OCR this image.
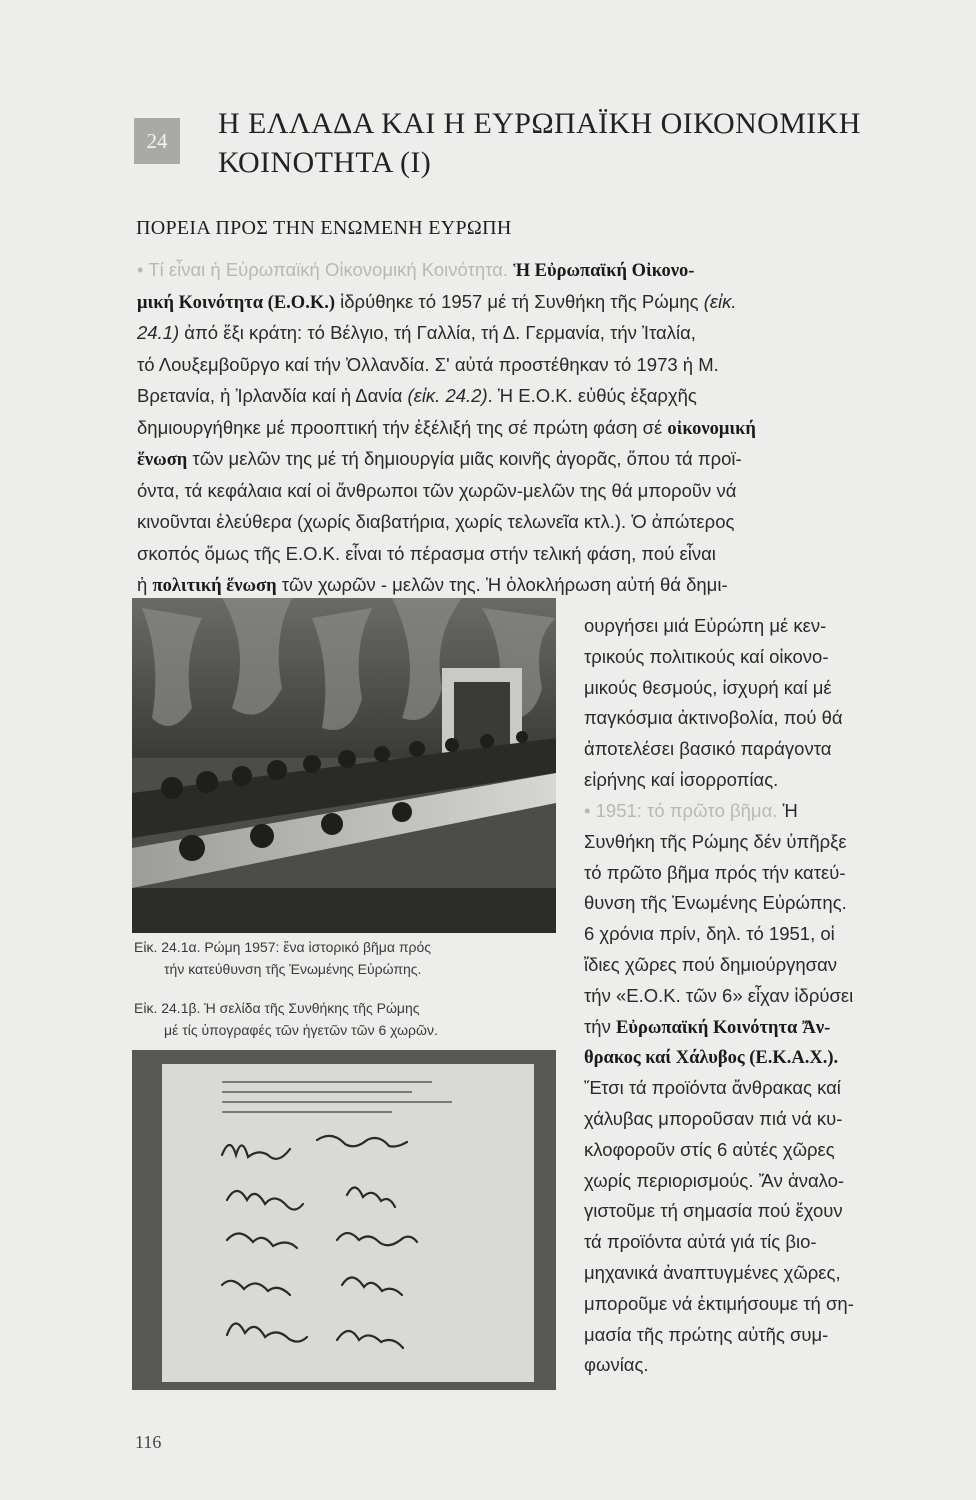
24
Η ΕΛΛΑΔΑ ΚΑΙ Η ΕΥΡΩΠΑΪΚΗ ΟΙΚΟΝΟΜΙΚΗ
ΚΟΙΝΟΤΗΤΑ (Ι)
ΠΟΡΕΙΑ ΠΡΟΣ ΤΗΝ ΕΝΩΜΕΝΗ ΕΥΡΩΠΗ
• Τί εἶναι ἡ Εὐρωπαϊκή Οἰκονομική Κοινότητα. Ἡ Εὐρωπαϊκή Οἰκονο-
μική Κοινότητα (Ε.Ο.Κ.) ἱδρύθηκε τό 1957 μέ τή Συνθήκη τῆς Ρώμης (εἰκ.
24.1) ἀπό ἕξι κράτη: τό Βέλγιο, τή Γαλλία, τή Δ. Γερμανία, τήν Ἰταλία,
τό Λουξεμβοῦργο καί τήν Ὀλλανδία. Σ' αὐτά προστέθηκαν τό 1973 ἡ Μ.
Βρετανία, ἡ Ἰρλανδία καί ἡ Δανία (εἰκ. 24.2). Ἡ Ε.Ο.Κ. εὐθύς ἐξαρχῆς
δημιουργήθηκε μέ προοπτική τήν ἐξέλιξή της σέ πρώτη φάση σέ οἰκονομική
ἕνωση τῶν μελῶν της μέ τή δημιουργία μιᾶς κοινῆς ἀγορᾶς, ὅπου τά προϊ-
όντα, τά κεφάλαια καί οἱ ἄνθρωποι τῶν χωρῶν-μελῶν της θά μποροῦν νά
κινοῦνται ἐλεύθερα (χωρίς διαβατήρια, χωρίς τελωνεῖα κτλ.). Ὁ ἀπώτερος
σκοπός ὅμως τῆς Ε.Ο.Κ. εἶναι τό πέρασμα στήν τελική φάση, πού εἶναι
ἡ πολιτική ἕνωση τῶν χωρῶν - μελῶν της. Ἡ ὁλοκλήρωση αὐτή θά δημι-
ουργήσει μιά Εὐρώπη μέ κεν-
τρικούς πολιτικούς καί οἰκονο-
μικούς θεσμούς, ἰσχυρή καί μέ
παγκόσμια ἀκτινοβολία, πού θά
ἀποτελέσει βασικό παράγοντα
εἰρήνης καί ἰσορροπίας.
Εἰκ. 24.1α. Ρώμη 1957: ἕνα ἱστορικό βῆμα πρός
τήν κατεύθυνση τῆς Ἑνωμένης Εὐρώπης.
Εἰκ. 24.1β. Ἡ σελίδα τῆς Συνθήκης τῆς Ρώμης
μέ τίς ὑπογραφές τῶν ἡγετῶν τῶν 6 χωρῶν.
• 1951: τό πρῶτο βῆμα. Ἡ
Συνθήκη τῆς Ρώμης δέν ὑπῆρξε
τό πρῶτο βῆμα πρός τήν κατεύ-
θυνση τῆς Ἑνωμένης Εὐρώπης.
6 χρόνια πρίν, δηλ. τό 1951, οἱ
ἴδιες χῶρες πού δημιούργησαν
τήν «Ε.Ο.Κ. τῶν 6» εἶχαν ἱδρύσει
τήν Εὐρωπαϊκή Κοινότητα Ἄν-
θρακος καί Χάλυβος (Ε.Κ.Α.Χ.).
Ἔτσι τά προϊόντα ἄνθρακας καί
χάλυβας μποροῦσαν πιά νά κυ-
κλοφοροῦν στίς 6 αὐτές χῶρες
χωρίς περιορισμούς. Ἄν ἀναλο-
γιστοῦμε τή σημασία πού ἔχουν
τά προϊόντα αὐτά γιά τίς βιο-
μηχανικά ἀναπτυγμένες χῶρες,
μποροῦμε νά ἐκτιμήσουμε τή ση-
μασία τῆς πρώτης αὐτῆς συμ-
φωνίας.
116
